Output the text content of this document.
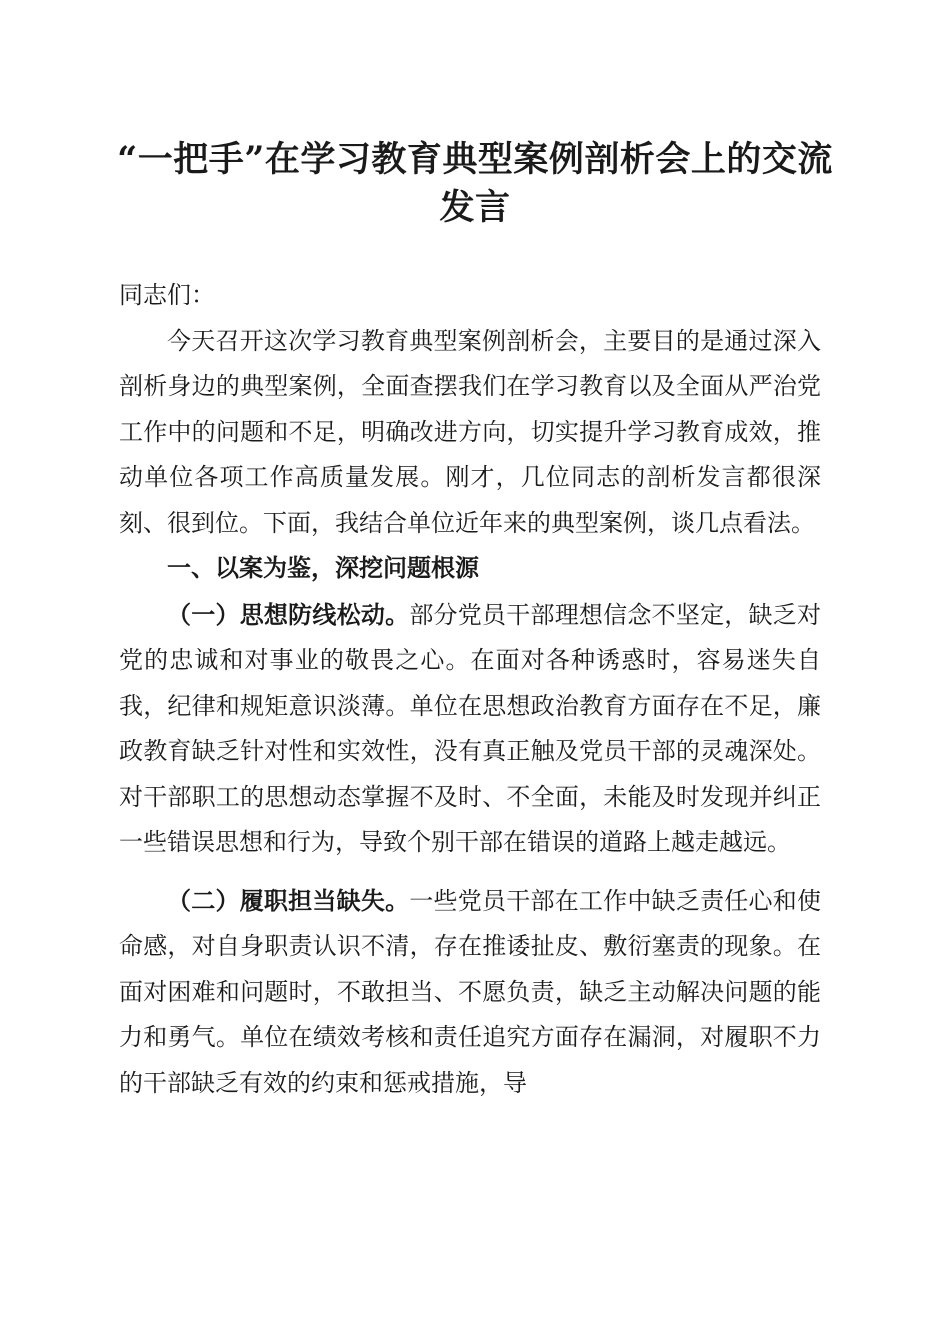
“一把手”在学习教育典型案例剖析会上的交流发言

同志们：

今天召开这次学习教育典型案例剖析会，主要目的是通过深入剖析身边的典型案例，全面查摆我们在学习教育以及全面从严治党工作中的问题和不足，明确改进方向，切实提升学习教育成效，推动单位各项工作高质量发展。刚才，几位同志的剖析发言都很深刻、很到位。下面，我结合单位近年来的典型案例，谈几点看法。

一、以案为鉴，深挖问题根源

（一）思想防线松动。部分党员干部理想信念不坚定，缺乏对党的忠诚和对事业的敬畏之心。在面对各种诱惑时，容易迷失自我，纪律和规矩意识淡薄。单位在思想政治教育方面存在不足，廉政教育缺乏针对性和实效性，没有真正触及党员干部的灵魂深处。对干部职工的思想动态掌握不及时、不全面，未能及时发现并纠正一些错误思想和行为，导致个别干部在错误的道路上越走越远。

（二）履职担当缺失。一些党员干部在工作中缺乏责任心和使命感，对自身职责认识不清，存在推诿扯皮、敷衍塞责的现象。在面对困难和问题时，不敢担当、不愿负责，缺乏主动解决问题的能力和勇气。单位在绩效考核和责任追究方面存在漏洞，对履职不力的干部缺乏有效的约束和惩戒措施，导
